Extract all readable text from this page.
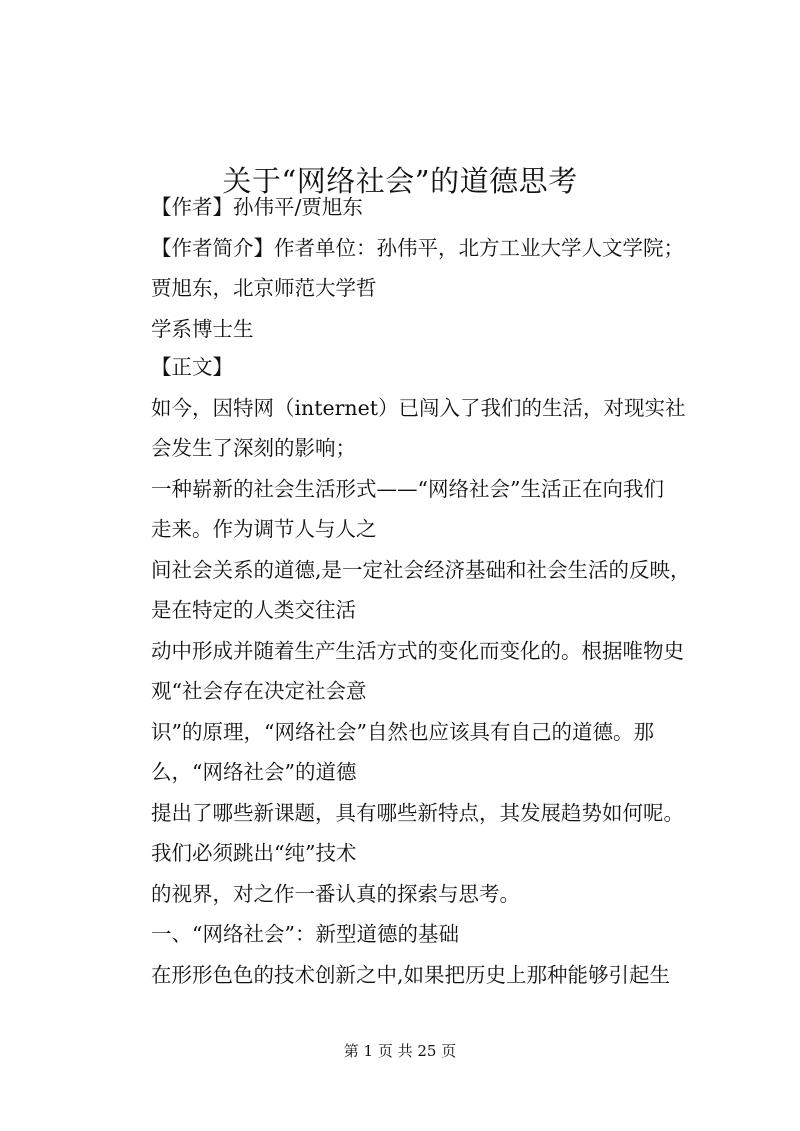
关于“网络社会”的道德思考

【作者】孙伟平/贾旭东

【作者简介】作者单位：孙伟平，北方工业大学人文学院；
贾旭东，北京师范大学哲

学系博士生

【正文】

如今，因特网（internet）已闯入了我们的生活，对现实社
会发生了深刻的影响；

一种崭新的社会生活形式——“网络社会”生活正在向我们
走来。作为调节人与人之

间社会关系的道德,是一定社会经济基础和社会生活的反映，
是在特定的人类交往活

动中形成并随着生产生活方式的变化而变化的。根据唯物史
观“社会存在决定社会意

识”的原理，“网络社会”自然也应该具有自己的道德。那
么，“网络社会”的道德

提出了哪些新课题，具有哪些新特点，其发展趋势如何呢。
我们必须跳出“纯”技术

的视界，对之作一番认真的探索与思考。

一、“网络社会”：新型道德的基础

在形形色色的技术创新之中,如果把历史上那种能够引起生

第 1 页 共 25 页
